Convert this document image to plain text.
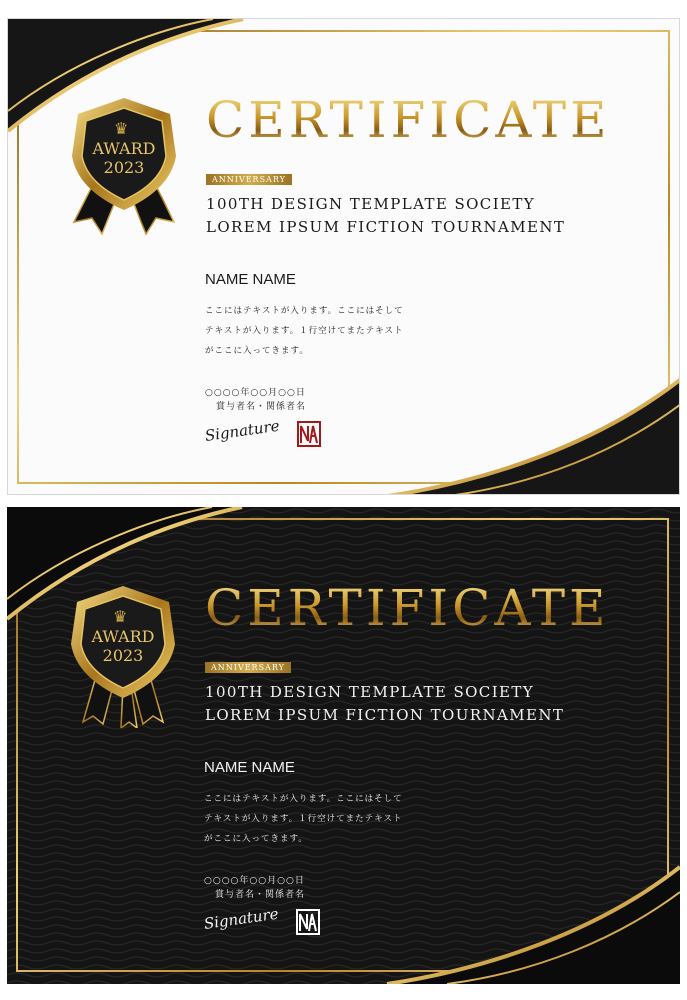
♛
AWARD
2023
CERTIFICATE
ANNIVERSARY
100TH DESIGN TEMPLATE SOCIETY
LOREM IPSUM FICTION TOURNAMENT
NAME NAME
ここにはテキストが入ります。ここにはそして
テキストが入ります。１行空けてまたテキスト
がここに入ってきます。
○○○○年○○月○○日
賞与者名・関係者名
Signature
♛
AWARD
2023
CERTIFICATE
ANNIVERSARY
100TH DESIGN TEMPLATE SOCIETY
LOREM IPSUM FICTION TOURNAMENT
NAME NAME
ここにはテキストが入ります。ここにはそして
テキストが入ります。１行空けてまたテキスト
がここに入ってきます。
○○○○年○○月○○日
賞与者名・関係者名
Signature
